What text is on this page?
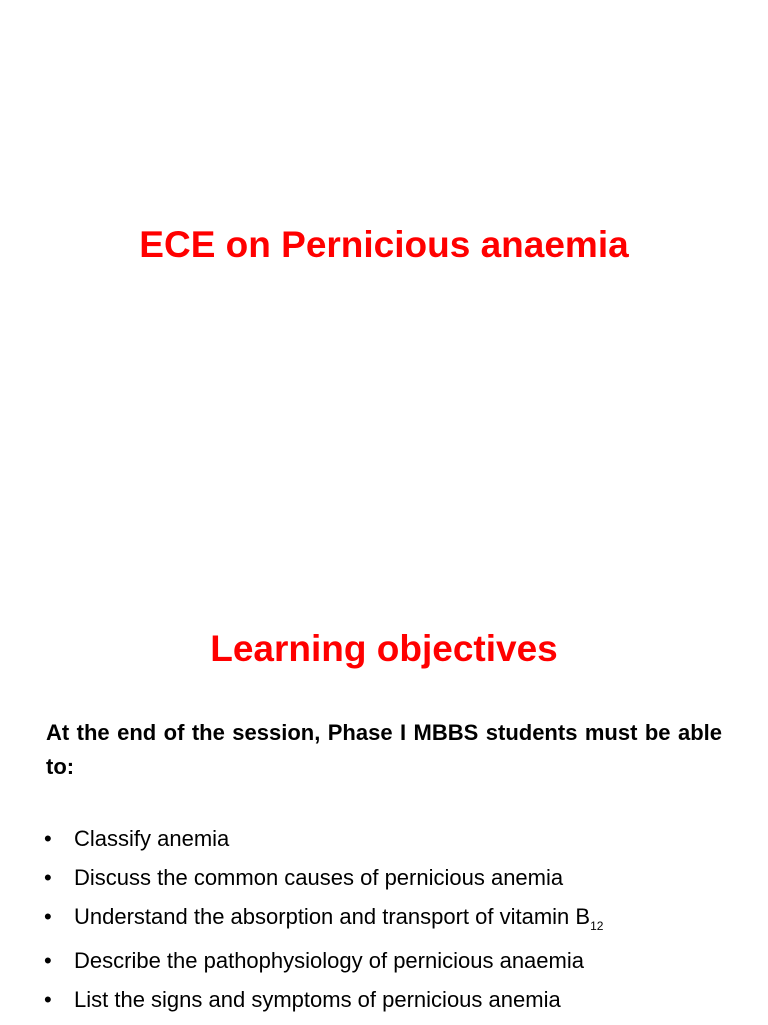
ECE on Pernicious anaemia
Learning objectives

At the end of the session, Phase I MBBS students must be able to:

• Classify anemia
• Discuss the common causes of pernicious anemia
• Understand the absorption and transport of vitamin $B_{12}$
• Describe the pathophysiology of pernicious anaemia
• List the signs and symptoms of pernicious anemia
